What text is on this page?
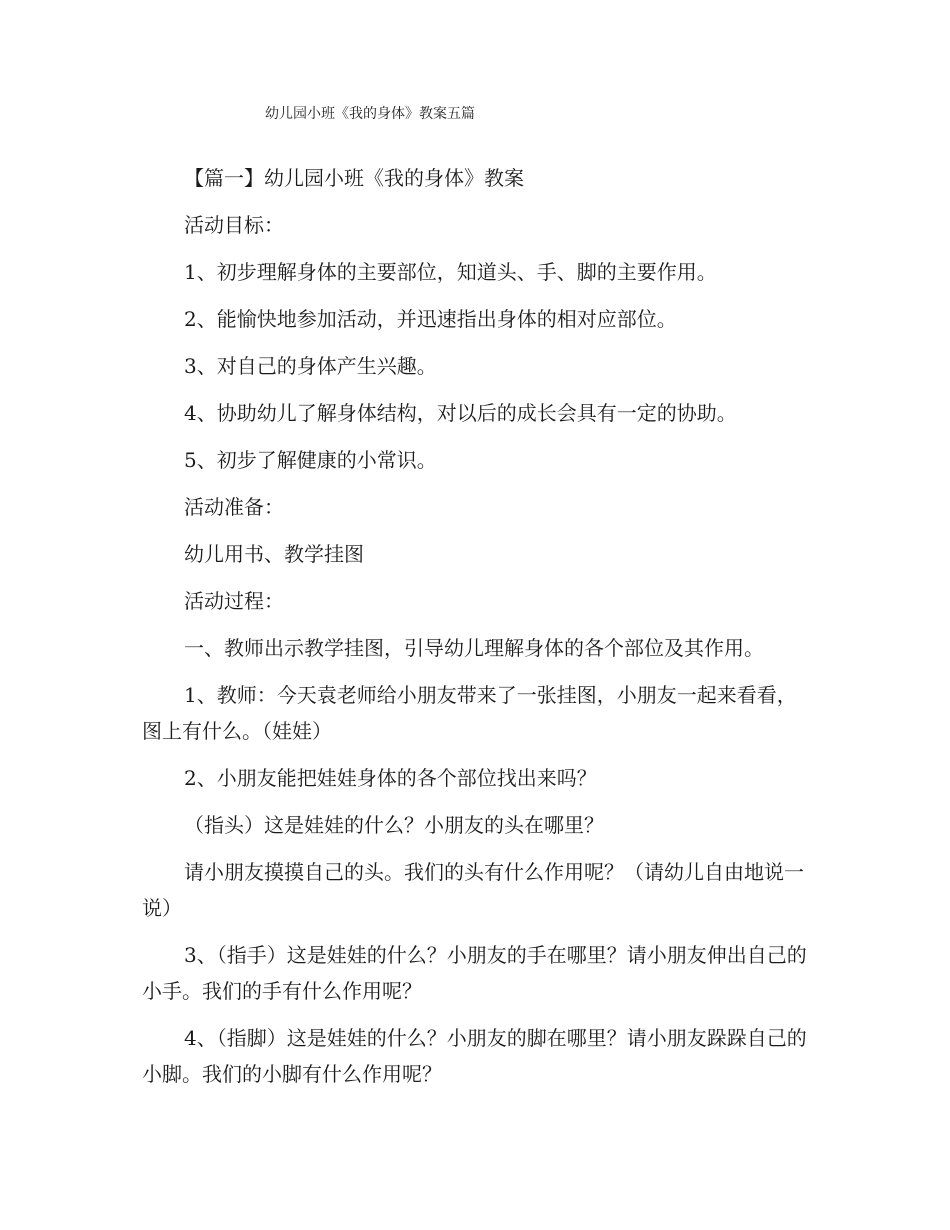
幼儿园小班《我的身体》教案五篇

【篇一】幼儿园小班《我的身体》教案

活动目标：

1、初步理解身体的主要部位，知道头、手、脚的主要作用。

2、能愉快地参加活动，并迅速指出身体的相对应部位。

3、对自己的身体产生兴趣。

4、协助幼儿了解身体结构，对以后的成长会具有一定的协助。

5、初步了解健康的小常识。

活动准备：

幼儿用书、教学挂图

活动过程：

一、教师出示教学挂图，引导幼儿理解身体的各个部位及其作用。

1、教师：今天袁老师给小朋友带来了一张挂图，小朋友一起来看看，图上有什么。（娃娃）

2、小朋友能把娃娃身体的各个部位找出来吗？

（指头）这是娃娃的什么？小朋友的头在哪里？

请小朋友摸摸自己的头。我们的头有什么作用呢？（请幼儿自由地说一说）

3、（指手）这是娃娃的什么？小朋友的手在哪里？请小朋友伸出自己的小手。我们的手有什么作用呢？

4、（指脚）这是娃娃的什么？小朋友的脚在哪里？请小朋友跺跺自己的小脚。我们的小脚有什么作用呢？
